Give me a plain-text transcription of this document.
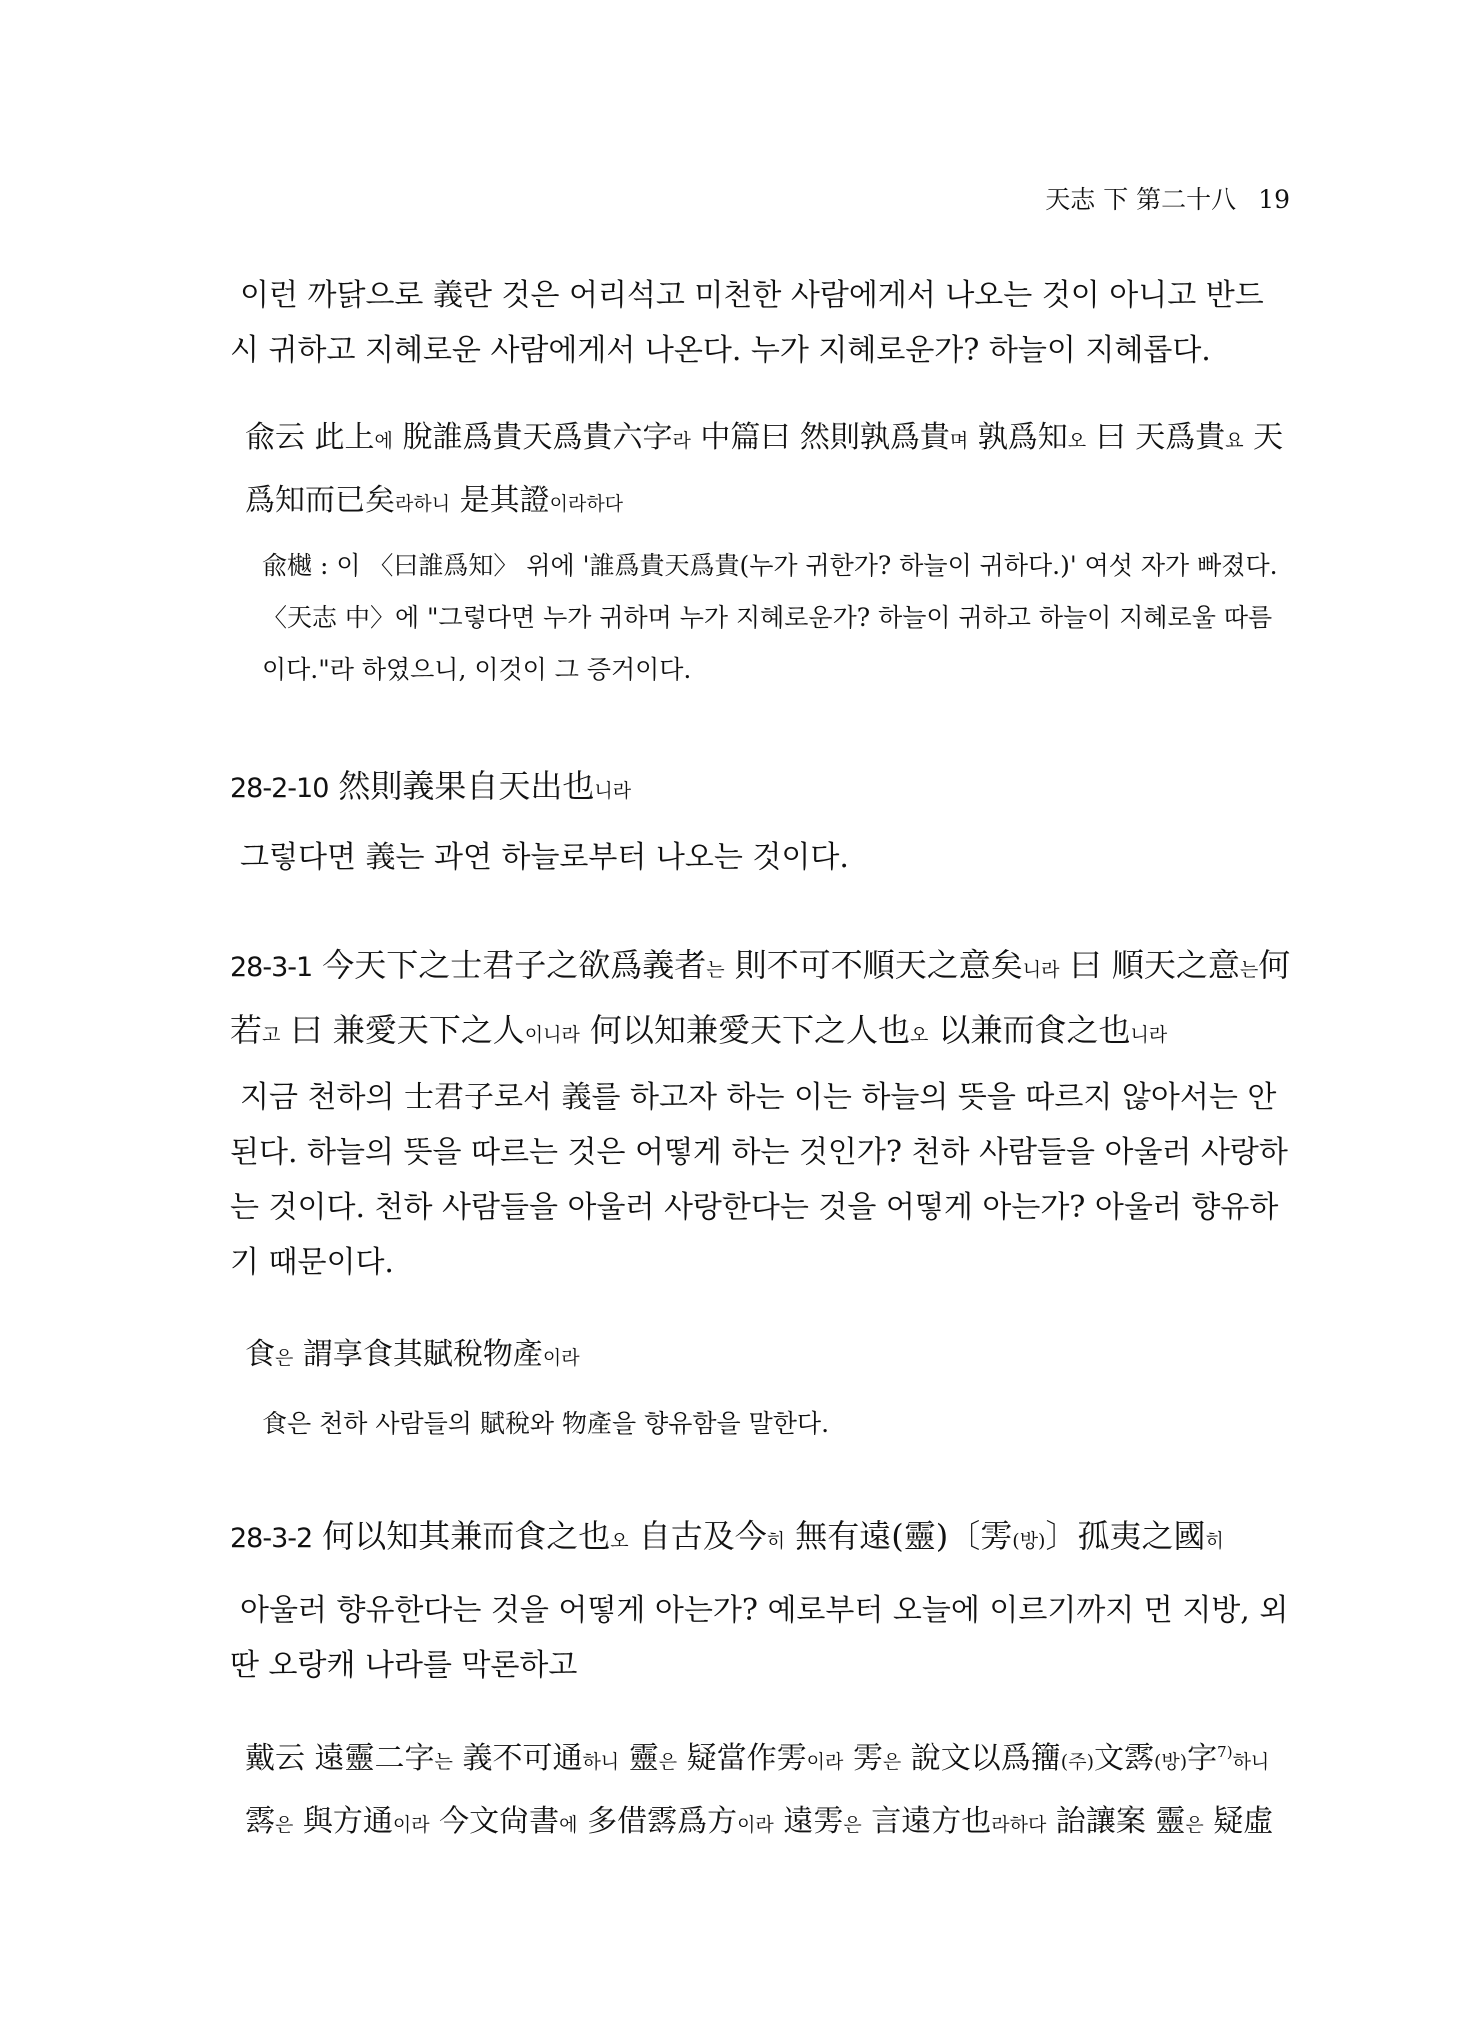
天志 下 第二十八 19
이런 까닭으로 義란 것은 어리석고 미천한 사람에게서 나오는 것이 아니고 반드시 귀하고 지혜로운 사람에게서 나온다. 누가 지혜로운가? 하늘이 지혜롭다.
兪云 此上에 脫誰爲貴天爲貴六字라 中篇曰 然則孰爲貴며 孰爲知오 曰 天爲貴요 天爲知而已矣라하니 是其證이라하다
兪樾 : 이 〈曰誰爲知〉 위에 '誰爲貴天爲貴(누가 귀한가? 하늘이 귀하다.)' 여섯 자가 빠졌다. 〈天志 中〉에 "그렇다면 누가 귀하며 누가 지혜로운가? 하늘이 귀하고 하늘이 지혜로울 따름이다."라 하였으니, 이것이 그 증거이다.
28-2-10 然則義果自天出也니라
그렇다면 義는 과연 하늘로부터 나오는 것이다.
28-3-1 今天下之士君子之欲爲義者는 則不可不順天之意矣니라 曰 順天之意는何若고 曰 兼愛天下之人이니라 何以知兼愛天下之人也오 以兼而食之也니라
지금 천하의 士君子로서 義를 하고자 하는 이는 하늘의 뜻을 따르지 않아서는 안 된다. 하늘의 뜻을 따르는 것은 어떻게 하는 것인가? 천하 사람들을 아울러 사랑하는 것이다. 천하 사람들을 아울러 사랑한다는 것을 어떻게 아는가? 아울러 향유하기 때문이다.
食은 謂享食其賦稅物產이라
食은 천하 사람들의 賦稅와 物產을 향유함을 말한다.
28-3-2 何以知其兼而食之也오 自古及今히 無有遠(靈)〔雱(방)〕孤夷之國히
아울러 향유한다는 것을 어떻게 아는가? 예로부터 오늘에 이르기까지 먼 지방, 외딴 오랑캐 나라를 막론하고
戴云 遠靈二字는 義不可通하니 靈은 疑當作雱이라 雱은 說文以爲籒(주)文𩃬(방)字$^{7)}$하니𩃬은 與方通이라 今文尙書에 多借𩃬爲方이라 遠雱은 言遠方也라하다 詒讓案 靈은 疑虛
